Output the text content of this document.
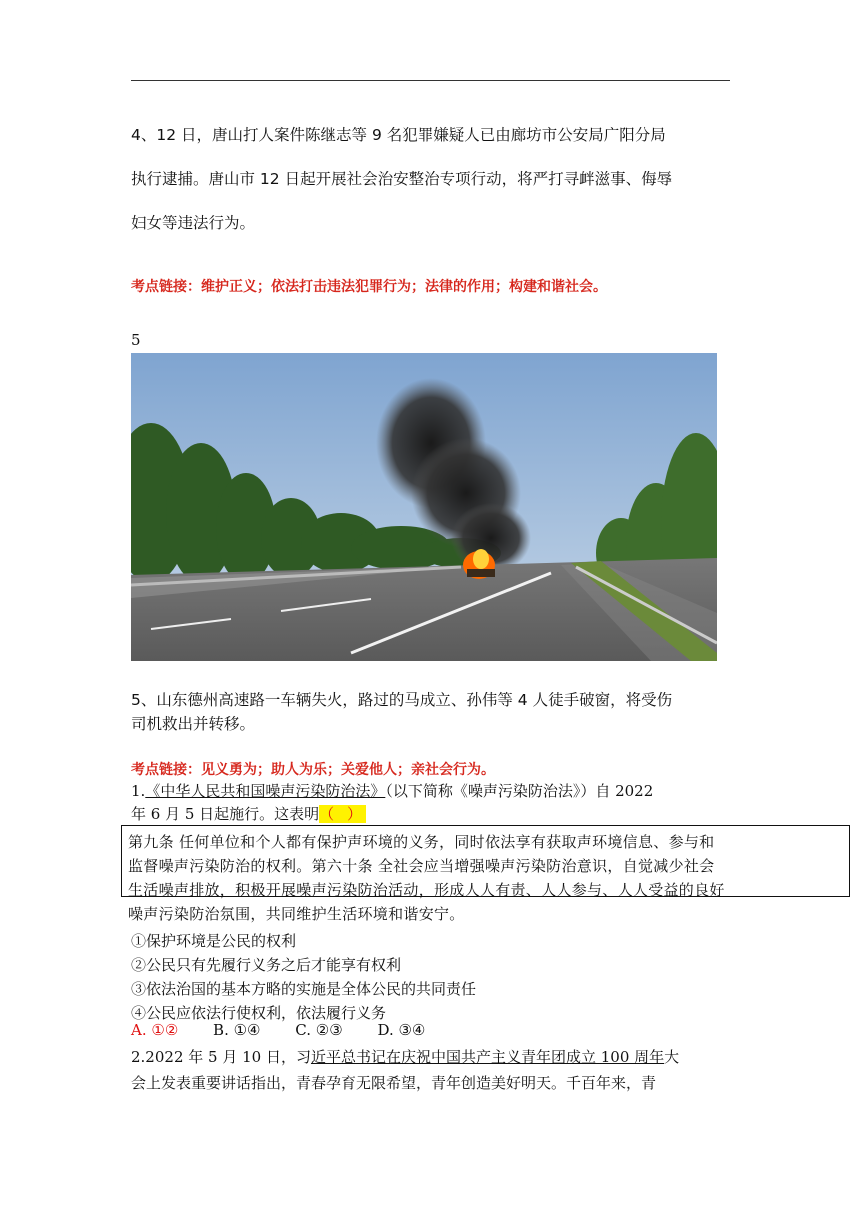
4、12 日，唐山打人案件陈继志等 9 名犯罪嫌疑人已由廊坊市公安局广阳分局

执行逮捕。唐山市 12 日起开展社会治安整治专项行动，将严打寻衅滋事、侮辱

妇女等违法行为。

考点链接：维护正义；依法打击违法犯罪行为；法律的作用；构建和谐社会。
5

5、山东德州高速路一车辆失火，路过的马成立、孙伟等 4 人徒手破窗，将受伤

司机救出并转移。

考点链接：见义勇为；助人为乐；关爱他人；亲社会行为。

1.《中华人民共和国噪声污染防治法》（以下简称《噪声污染防治法》）自 2022

年 6 月 5 日起施行。这表明（ ）

第九条 任何单位和个人都有保护声环境的义务，同时依法享有获取声环境信息、参与和

监督噪声污染防治的权利。第六十条 全社会应当增强噪声污染防治意识，自觉减少社会

生活噪声排放，积极开展噪声污染防治活动，形成人人有责、人人参与、人人受益的良好

噪声污染防治氛围，共同维护生活环境和谐安宁。

①保护环境是公民的权利

②公民只有先履行义务之后才能享有权利

③依法治国的基本方略的实施是全体公民的共同责任

④公民应依法行使权利，依法履行义务

A. ①② B. ①④ C. ②③ D. ③④

2.2022 年 5 月 10 日，习近平总书记在庆祝中国共产主义青年团成立 100 周年大

会上发表重要讲话指出，青春孕育无限希望，青年创造美好明天。千百年来，青
